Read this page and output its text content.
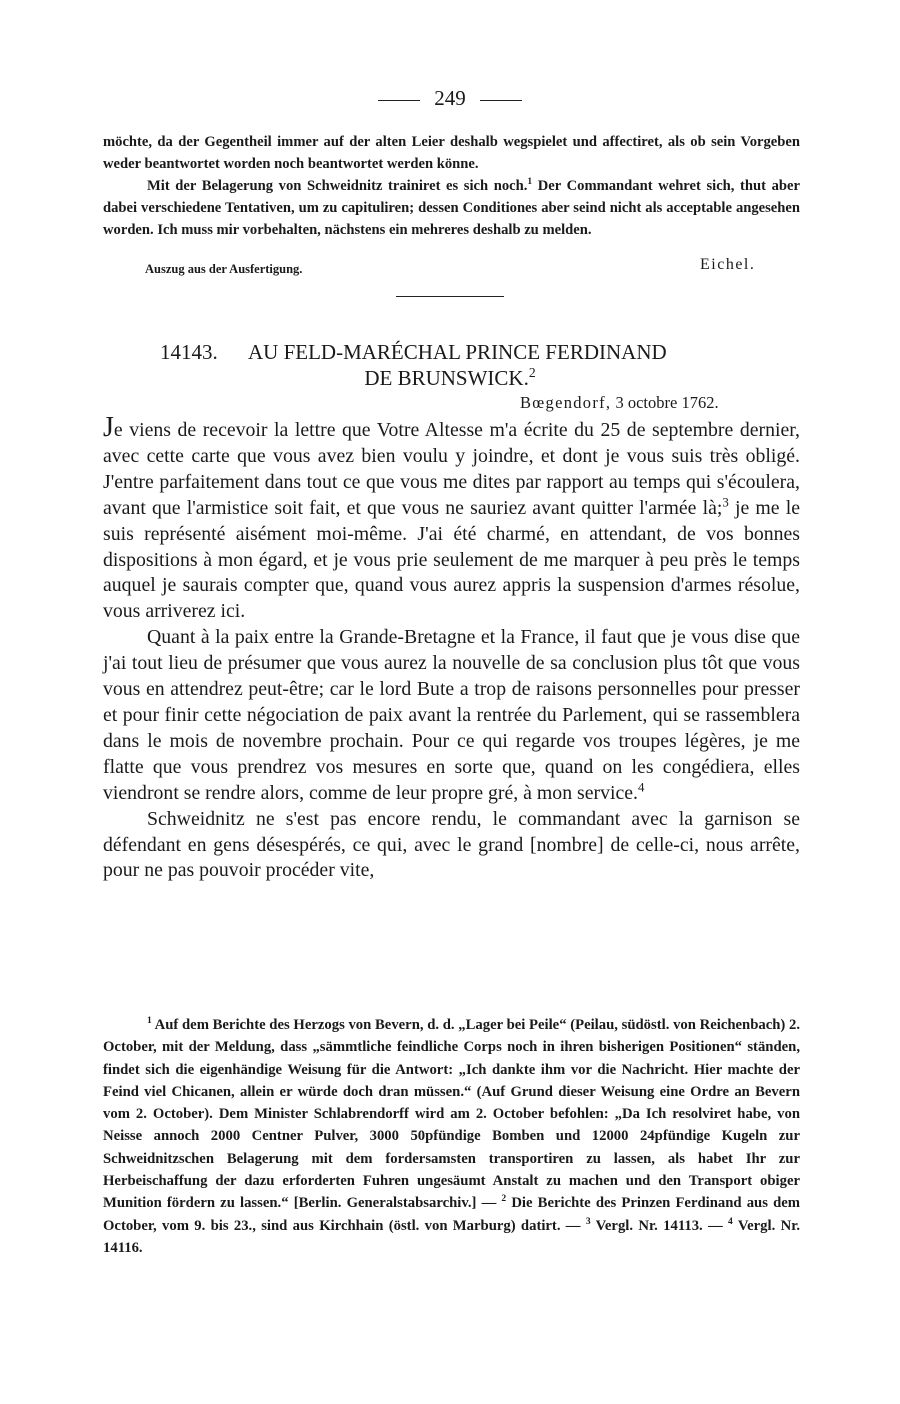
249

möchte, da der Gegentheil immer auf der alten Leier deshalb wegspielet und affectiret, als ob sein Vorgeben weder beantwortet worden noch beantwortet werden könne.

Mit der Belagerung von Schweidnitz trainiret es sich noch.$^1$ Der Commandant wehret sich, thut aber dabei verschiedene Tentativen, um zu capituliren; dessen Conditiones aber seind nicht als acceptable angesehen worden. Ich muss mir vorbehalten, nächstens ein mehreres deshalb zu melden.

Auszug aus der Ausfertigung.	Eichel.
14143. AU FELD-MARÉCHAL PRINCE FERDINAND
DE BRUNSWICK.$^2$
Bœgendorf, 3 octobre 1762.

Je viens de recevoir la lettre que Votre Altesse m'a écrite du 25 de septembre dernier, avec cette carte que vous avez bien voulu y joindre, et dont je vous suis très obligé. J'entre parfaitement dans tout ce que vous me dites par rapport au temps qui s'écoulera, avant que l'armistice soit fait, et que vous ne sauriez avant quitter l'armée là;$^3$ je me le suis représenté aisément moi-même. J'ai été charmé, en attendant, de vos bonnes dispositions à mon égard, et je vous prie seulement de me marquer à peu près le temps auquel je saurais compter que, quand vous aurez appris la suspension d'armes résolue, vous arriverez ici.

Quant à la paix entre la Grande-Bretagne et la France, il faut que je vous dise que j'ai tout lieu de présumer que vous aurez la nouvelle de sa conclusion plus tôt que vous vous en attendrez peut-être; car le lord Bute a trop de raisons personnelles pour presser et pour finir cette négociation de paix avant la rentrée du Parlement, qui se rassemblera dans le mois de novembre prochain. Pour ce qui regarde vos troupes légères, je me flatte que vous prendrez vos mesures en sorte que, quand on les congédiera, elles viendront se rendre alors, comme de leur propre gré, à mon service.$^4$

Schweidnitz ne s'est pas encore rendu, le commandant avec la garnison se défendant en gens désespérés, ce qui, avec le grand [nombre] de celle-ci, nous arrête, pour ne pas pouvoir procéder vite,

$^1$ Auf dem Berichte des Herzogs von Bevern, d. d. „Lager bei Peile“ (Peilau, südöstl. von Reichenbach) 2. October, mit der Meldung, dass „sämmtliche feindliche Corps noch in ihren bisherigen Positionen“ ständen, findet sich die eigenhändige Weisung für die Antwort: „Ich dankte ihm vor die Nachricht. Hier machte der Feind viel Chicanen, allein er würde doch dran müssen.“ (Auf Grund dieser Weisung eine Ordre an Bevern vom 2. October). Dem Minister Schlabrendorff wird am 2. October befohlen: „Da Ich resolviret habe, von Neisse annoch 2000 Centner Pulver, 3000 50pfündige Bomben und 12000 24pfündige Kugeln zur Schweidnitzschen Belagerung mit dem fordersamsten transportiren zu lassen, als habet Ihr zur Herbeischaffung der dazu erforderten Fuhren ungesäumt Anstalt zu machen und den Transport obiger Munition fördern zu lassen.“ [Berlin. Generalstabsarchiv.] — $^2$ Die Berichte des Prinzen Ferdinand aus dem October, vom 9. bis 23., sind aus Kirchhain (östl. von Marburg) datirt. — $^3$ Vergl. Nr. 14113. — $^4$ Vergl. Nr. 14116.
